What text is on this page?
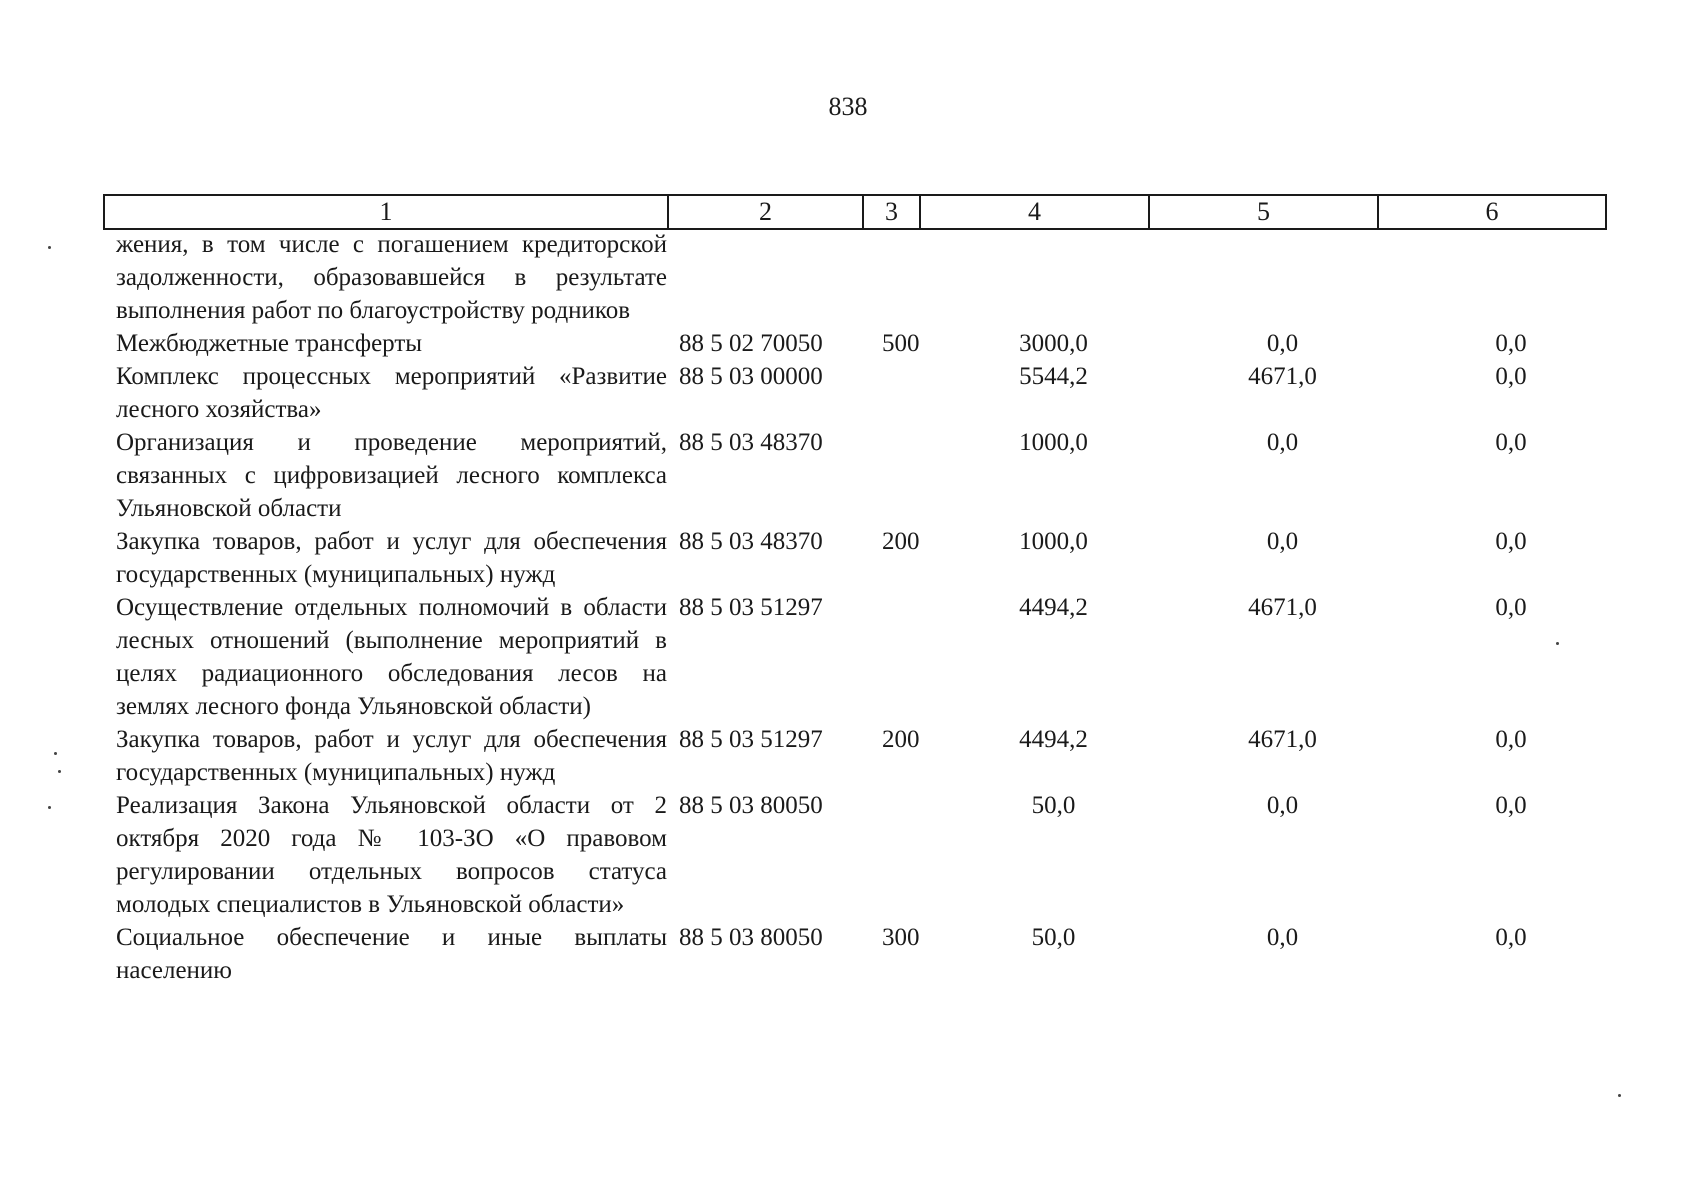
838
1	2	3	4	5	6
жения, в том числе с погашением кредиторской задолженности, образовавшейся в результате выполнения работ по благоустройству родников					
Межбюджетные трансферты	88 5 02 70050	500	3000,0	0,0	0,0
Комплекс процессных мероприятий «Развитие лесного хозяйства»	88 5 03 00000		5544,2	4671,0	0,0
Организация и проведение мероприятий, связанных с цифровизацией лесного комплекса Ульяновской области	88 5 03 48370		1000,0	0,0	0,0
Закупка товаров, работ и услуг для обеспечения государственных (муниципальных) нужд	88 5 03 48370	200	1000,0	0,0	0,0
Осуществление отдельных полномочий в области лесных отношений (выполнение мероприятий в целях радиационного обследования лесов на землях лесного фонда Ульяновской области)	88 5 03 51297		4494,2	4671,0	0,0
Закупка товаров, работ и услуг для обеспечения государственных (муниципальных) нужд	88 5 03 51297	200	4494,2	4671,0	0,0
Реализация Закона Ульяновской области от 2 октября 2020 года № 103-ЗО «О правовом регулировании отдельных вопросов статуса молодых специалистов в Ульяновской области»	88 5 03 80050		50,0	0,0	0,0
Социальное обеспечение и иные выплаты населению	88 5 03 80050	300	50,0	0,0	0,0
